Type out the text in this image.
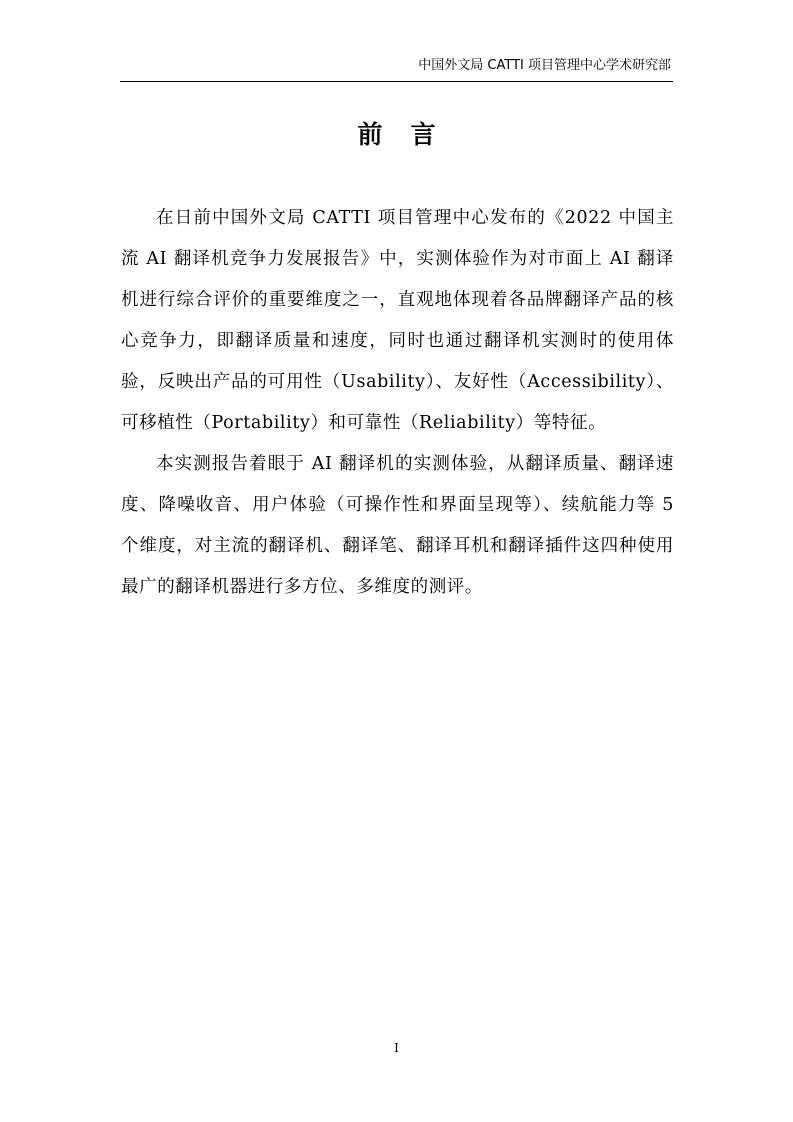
中国外文局 CATTI 项目管理中心学术研究部
前言

在日前中国外文局 CATTI 项目管理中心发布的《2022 中国主流 AI 翻译机竞争力发展报告》中，实测体验作为对市面上 AI 翻译机进行综合评价的重要维度之一，直观地体现着各品牌翻译产品的核心竞争力，即翻译质量和速度，同时也通过翻译机实测时的使用体验，反映出产品的可用性（Usability）、友好性（Accessibility）、可移植性（Portability）和可靠性（Reliability）等特征。

本实测报告着眼于 AI 翻译机的实测体验，从翻译质量、翻译速度、降噪收音、用户体验（可操作性和界面呈现等）、续航能力等 5 个维度，对主流的翻译机、翻译笔、翻译耳机和翻译插件这四种使用最广的翻译机器进行多方位、多维度的测评。

I
